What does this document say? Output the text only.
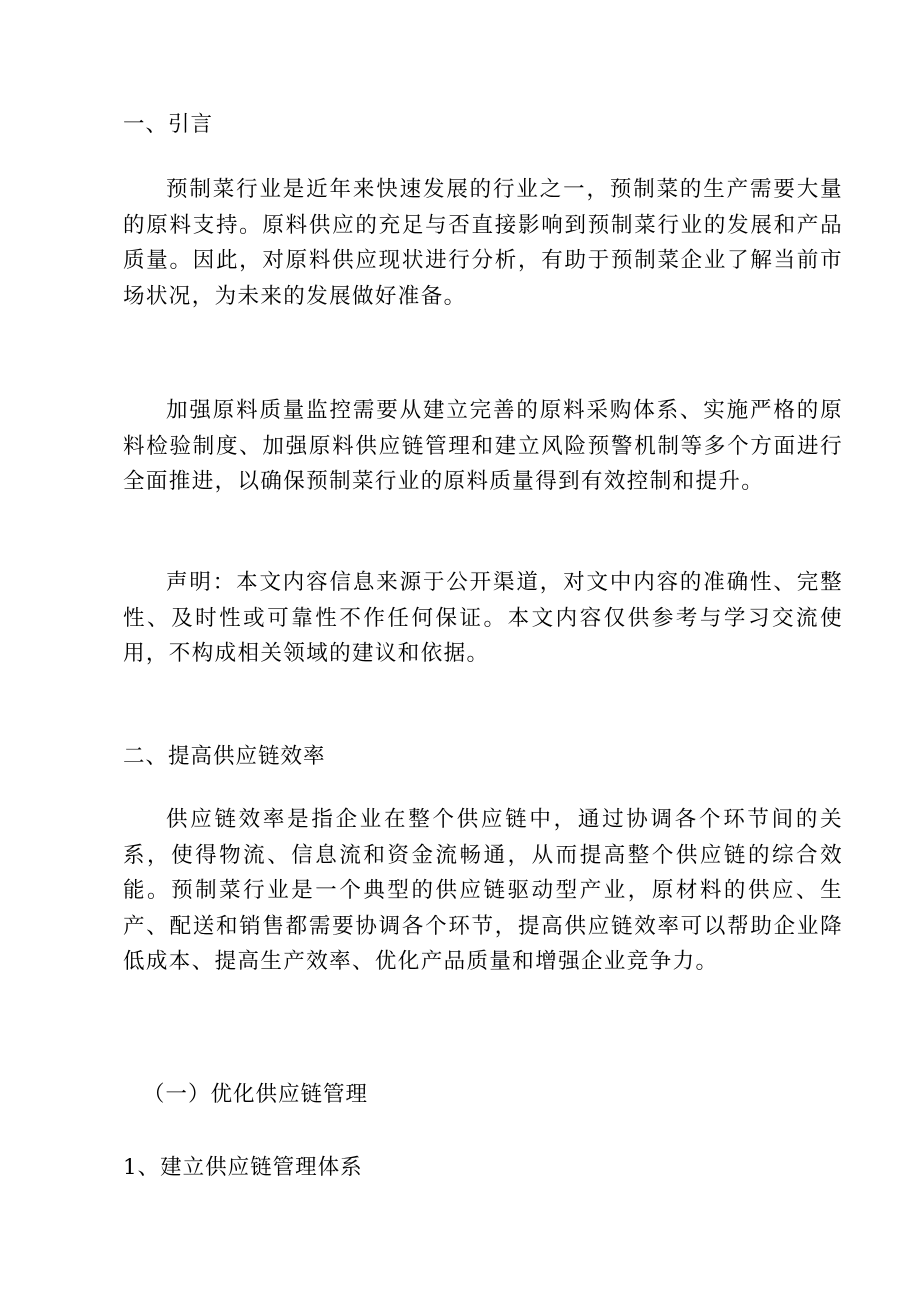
一、引言
预制菜行业是近年来快速发展的行业之一，预制菜的生产需要大量的原料支持。原料供应的充足与否直接影响到预制菜行业的发展和产品质量。因此，对原料供应现状进行分析，有助于预制菜企业了解当前市场状况，为未来的发展做好准备。
加强原料质量监控需要从建立完善的原料采购体系、实施严格的原料检验制度、加强原料供应链管理和建立风险预警机制等多个方面进行全面推进，以确保预制菜行业的原料质量得到有效控制和提升。
声明：本文内容信息来源于公开渠道，对文中内容的准确性、完整性、及时性或可靠性不作任何保证。本文内容仅供参考与学习交流使用，不构成相关领域的建议和依据。
二、提高供应链效率
供应链效率是指企业在整个供应链中，通过协调各个环节间的关系，使得物流、信息流和资金流畅通，从而提高整个供应链的综合效能。预制菜行业是一个典型的供应链驱动型产业，原材料的供应、生产、配送和销售都需要协调各个环节，提高供应链效率可以帮助企业降低成本、提高生产效率、优化产品质量和增强企业竞争力。
（一）优化供应链管理
1、建立供应链管理体系
